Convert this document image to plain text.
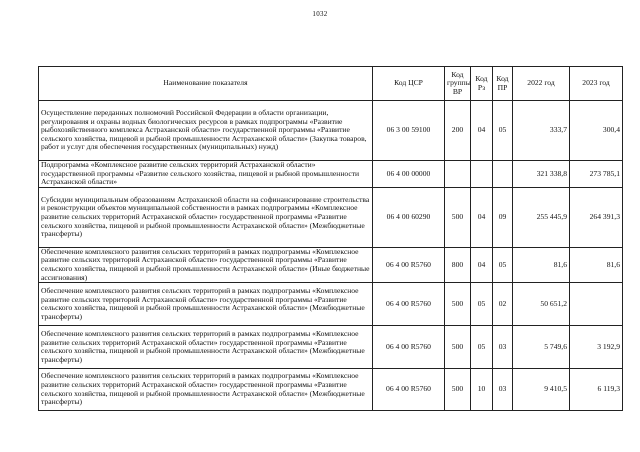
1032
Наименование показателя	Код ЦСР	Код группы ВР	Код Рз	Код ПР	2022 год	2023 год
Осуществление переданных полномочий Российской Федерации в области организации, регулирования и охраны водных биологических ресурсов в рамках подпрограммы «Развитие рыбохозяйственного комплекса Астраханской области» государственной программы «Развитие сельского хозяйства, пищевой и рыбной промышленности Астраханской области» (Закупка товаров, работ и услуг для обеспечения государственных (муниципальных) нужд)	06 3 00 59100	200	04	05	333,7	300,4
Подпрограмма «Комплексное развитие сельских территорий Астраханской области» государственной программы «Развитие сельского хозяйства, пищевой и рыбной промышленности Астраханской области»	06 4 00 00000				321 338,8	273 785,1
Субсидии муниципальным образованиям Астраханской области на софинансирование строительства и реконструкции объектов муниципальной собственности в рамках подпрограммы «Комплексное развитие сельских территорий Астраханской области» государственной программы «Развитие сельского хозяйства, пищевой и рыбной промышленности Астраханской области» (Межбюджетные трансферты)	06 4 00 60290	500	04	09	255 445,9	264 391,3
Обеспечение комплексного развития сельских территорий в рамках подпрограммы «Комплексное развитие сельских территорий Астраханской области» государственной программы «Развитие сельского хозяйства, пищевой и рыбной промышленности Астраханской области» (Иные бюджетные ассигнования)	06 4 00 R5760	800	04	05	81,6	81,6
Обеспечение комплексного развития сельских территорий в рамках подпрограммы «Комплексное развитие сельских территорий Астраханской области» государственной программы «Развитие сельского хозяйства, пищевой и рыбной промышленности Астраханской области» (Межбюджетные трансферты)	06 4 00 R5760	500	05	02	50 651,2	
Обеспечение комплексного развития сельских территорий в рамках подпрограммы «Комплексное развитие сельских территорий Астраханской области» государственной программы «Развитие сельского хозяйства, пищевой и рыбной промышленности Астраханской области» (Межбюджетные трансферты)	06 4 00 R5760	500	05	03	5 749,6	3 192,9
Обеспечение комплексного развития сельских территорий в рамках подпрограммы «Комплексное развитие сельских территорий Астраханской области» государственной программы «Развитие сельского хозяйства, пищевой и рыбной промышленности Астраханской области» (Межбюджетные трансферты)	06 4 00 R5760	500	10	03	9 410,5	6 119,3
